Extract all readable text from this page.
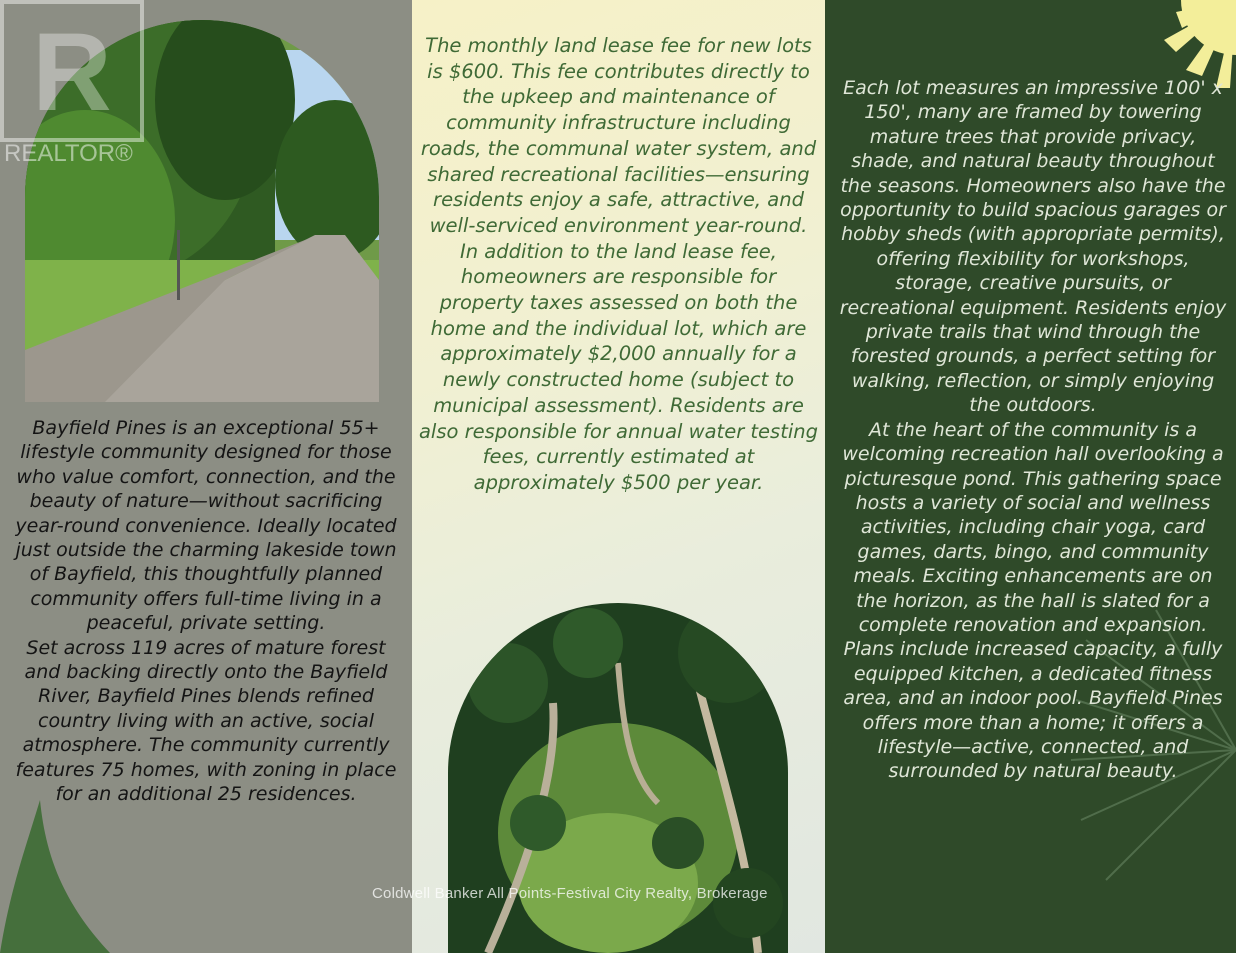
Bayfield Pines is an exceptional 55+ lifestyle community designed for those who value comfort, connection, and the beauty of nature—without sacrificing year-round convenience. Ideally located just outside the charming lakeside town of Bayfield, this thoughtfully planned community offers full-time living in a peaceful, private setting.

Set across 119 acres of mature forest and backing directly onto the Bayfield River, Bayfield Pines blends refined country living with an active, social atmosphere. The community currently features 75 homes, with zoning in place for an additional 25 residences.

The monthly land lease fee for new lots is $600. This fee contributes directly to the upkeep and maintenance of community infrastructure including roads, the communal water system, and shared recreational facilities—ensuring residents enjoy a safe, attractive, and well-serviced environment year-round.

In addition to the land lease fee, homeowners are responsible for property taxes assessed on both the home and the individual lot, which are approximately $2,000 annually for a newly constructed home (subject to municipal assessment). Residents are also responsible for annual water testing fees, currently estimated at approximately $500 per year.

Each lot measures an impressive 100' x 150', many are framed by towering mature trees that provide privacy, shade, and natural beauty throughout the seasons. Homeowners also have the opportunity to build spacious garages or hobby sheds (with appropriate permits), offering flexibility for workshops, storage, creative pursuits, or recreational equipment. Residents enjoy private trails that wind through the forested grounds, a perfect setting for walking, reflection, or simply enjoying the outdoors.

At the heart of the community is a welcoming recreation hall overlooking a picturesque pond. This gathering space hosts a variety of social and wellness activities, including chair yoga, card games, darts, bingo, and community meals. Exciting enhancements are on the horizon, as the hall is slated for a complete renovation and expansion. Plans include increased capacity, a fully equipped kitchen, a dedicated fitness area, and an indoor pool. Bayfield Pines offers more than a home; it offers a lifestyle—active, connected, and surrounded by natural beauty.

R
REALTOR®
Coldwell Banker All Points-Festival City Realty, Brokerage
